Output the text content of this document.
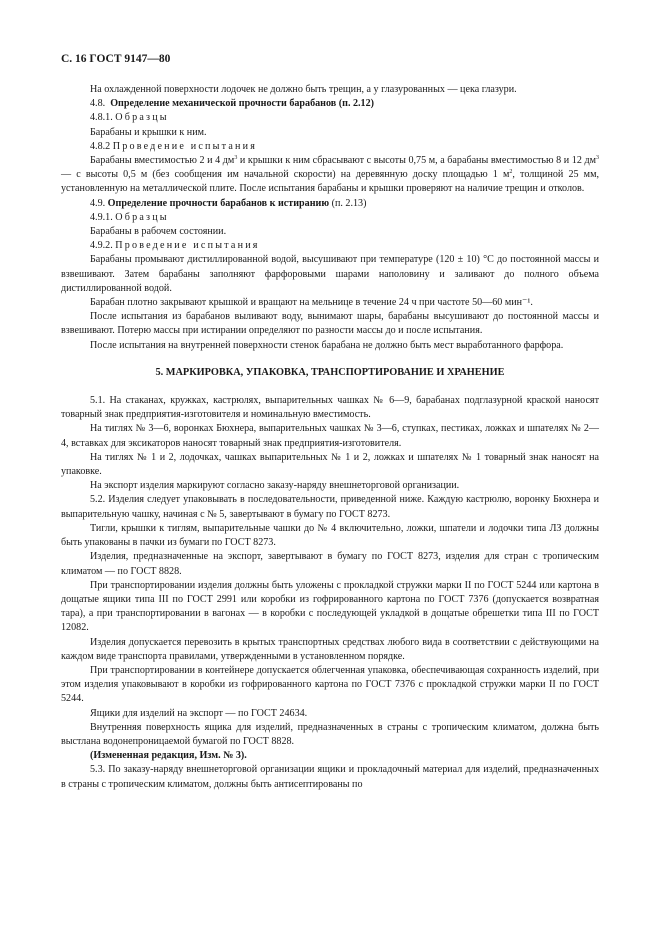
С. 16 ГОСТ 9147—80

На охлажденной поверхности лодочек не должно быть трещин, а у глазурованных — цека глазури.

4.8. Определение механической прочности барабанов (п. 2.12)

4.8.1. Образцы

Барабаны и крышки к ним.

4.8.2 Проведение испытания

Барабаны вместимостью 2 и 4 $дм^3$ и крышки к ним сбрасывают с высоты 0,75 м, а барабаны вместимостью 8 и 12 $дм^3$ — с высоты 0,5 м (без сообщения им начальной скорости) на деревянную доску площадью 1 $м^2$, толщиной 25 мм, установленную на металлической плите. После испытания барабаны и крышки проверяют на наличие трещин и отколов.

4.9. Определение прочности барабанов к истиранию (п. 2.13)

4.9.1. Образцы

Барабаны в рабочем состоянии.

4.9.2. Проведение испытания

Барабаны промывают дистиллированной водой, высушивают при температуре (120 ± 10) °С до постоянной массы и взвешивают. Затем барабаны заполняют фарфоровыми шарами наполовину и заливают до полного объема дистиллированной водой.

Барабан плотно закрывают крышкой и вращают на мельнице в течение 24 ч при частоте 50—60 мин⁻¹.

После испытания из барабанов выливают воду, вынимают шары, барабаны высушивают до постоянной массы и взвешивают. Потерю массы при истирании определяют по разности массы до и после испытания.

После испытания на внутренней поверхности стенок барабана не должно быть мест выработанного фарфора.

5. МАРКИРОВКА, УПАКОВКА, ТРАНСПОРТИРОВАНИЕ И ХРАНЕНИЕ

5.1. На стаканах, кружках, кастрюлях, выпарительных чашках № 6—9, барабанах подглазурной краской наносят товарный знак предприятия-изготовителя и номинальную вместимость.

На тиглях № 3—6, воронках Бюхнера, выпарительных чашках № 3—6, ступках, пестиках, ложках и шпателях № 2—4, вставках для эксикаторов наносят товарный знак предприятия-изготовителя.

На тиглях № 1 и 2, лодочках, чашках выпарительных № 1 и 2, ложках и шпателях № 1 товарный знак наносят на упаковке.

На экспорт изделия маркируют согласно заказу-наряду внешнеторговой организации.

5.2. Изделия следует упаковывать в последовательности, приведенной ниже. Каждую кастрюлю, воронку Бюхнера и выпарительную чашку, начиная с № 5, завертывают в бумагу по ГОСТ 8273.

Тигли, крышки к тиглям, выпарительные чашки до № 4 включительно, ложки, шпатели и лодочки типа ЛЗ должны быть упакованы в пачки из бумаги по ГОСТ 8273.

Изделия, предназначенные на экспорт, завертывают в бумагу по ГОСТ 8273, изделия для стран с тропическим климатом — по ГОСТ 8828.

При транспортировании изделия должны быть уложены с прокладкой стружки марки II по ГОСТ 5244 или картона в дощатые ящики типа III по ГОСТ 2991 или коробки из гофрированного картона по ГОСТ 7376 (допускается возвратная тара), а при транспортировании в вагонах — в коробки с последующей укладкой в дощатые обрешетки типа III по ГОСТ 12082.

Изделия допускается перевозить в крытых транспортных средствах любого вида в соответствии с действующими на каждом виде транспорта правилами, утвержденными в установленном порядке.

При транспортировании в контейнере допускается облегченная упаковка, обеспечивающая сохранность изделий, при этом изделия упаковывают в коробки из гофрированного картона по ГОСТ 7376 с прокладкой стружки марки II по ГОСТ 5244.

Ящики для изделий на экспорт — по ГОСТ 24634.

Внутренняя поверхность ящика для изделий, предназначенных в страны с тропическим климатом, должна быть выстлана водонепроницаемой бумагой по ГОСТ 8828.

(Измененная редакция, Изм. № 3).

5.3. По заказу-наряду внешнеторговой организации ящики и прокладочный материал для изделий, предназначенных в страны с тропическим климатом, должны быть антисептированы по
